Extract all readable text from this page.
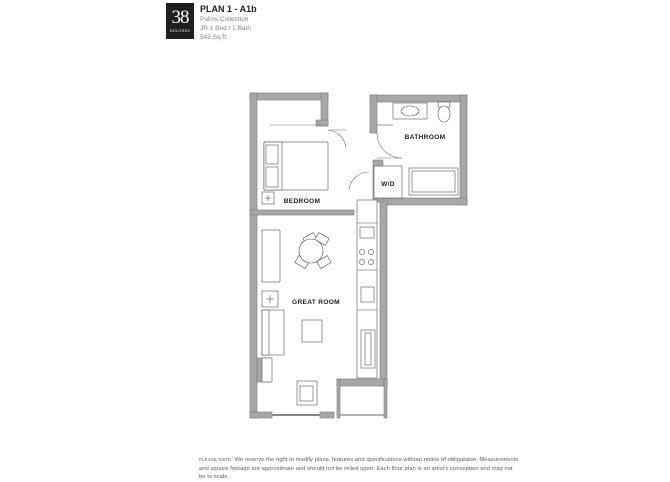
38
DOLORES
PLAN 1 - A1b
Palms Collection
JR 1 Bed / 1 Bath
542 Sq.ft.
BATHROOM
W/D
BEDROOM
GREAT ROOM
PLEASE NOTE: We reserve the right to modify plans, features and specifications without notice of obligataion. Measurements and square footage are approximate and should not be relied upon. Each floor plan is an artist's conception and may not be to scale.
